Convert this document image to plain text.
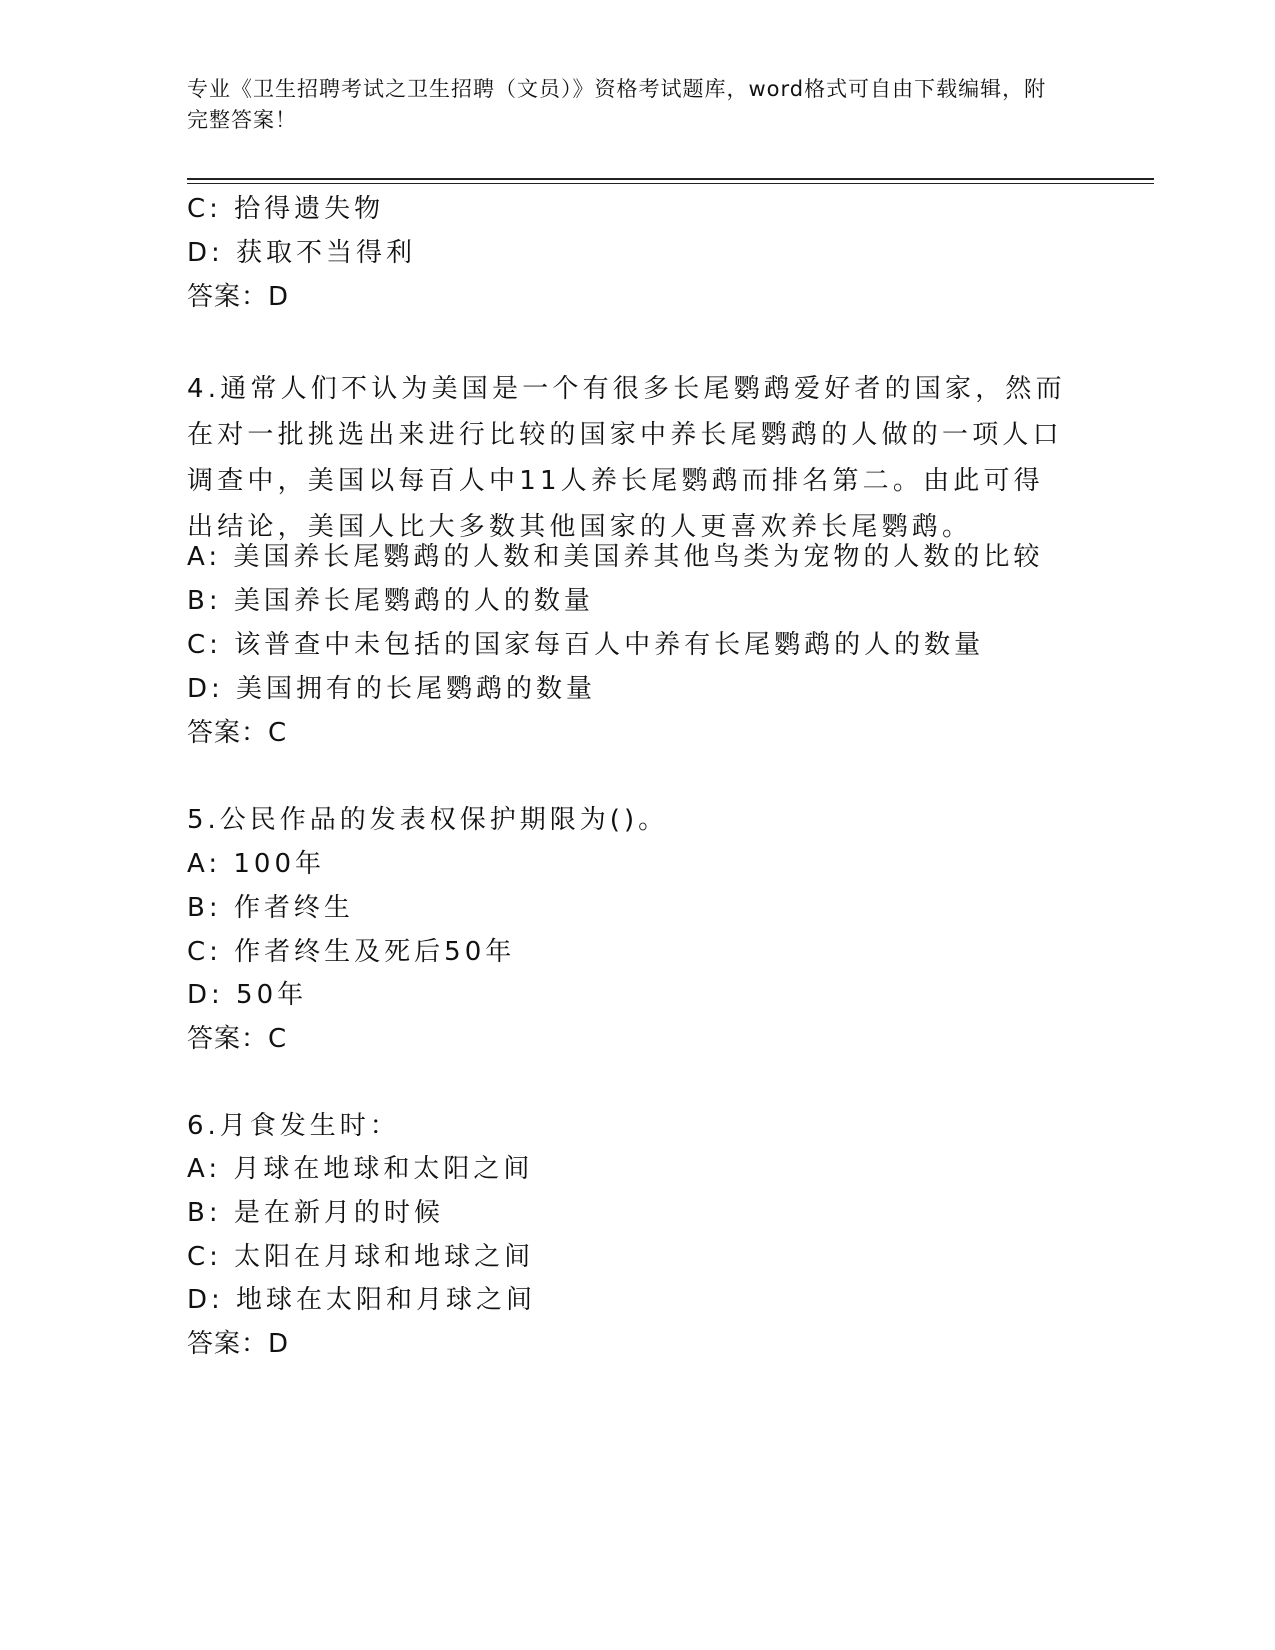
专业《卫生招聘考试之卫生招聘（文员）》资格考试题库，word格式可自由下载编辑，附完整答案！
C: 拾得遗失物
D: 获取不当得利
答案：D
4.通常人们不认为美国是一个有很多长尾鹦鹉爱好者的国家，然而在对一批挑选出来进行比较的国家中养长尾鹦鹉的人做的一项人口调查中，美国以每百人中11人养长尾鹦鹉而排名第二。由此可得出结论，美国人比大多数其他国家的人更喜欢养长尾鹦鹉。
A: 美国养长尾鹦鹉的人数和美国养其他鸟类为宠物的人数的比较
B: 美国养长尾鹦鹉的人的数量
C: 该普查中未包括的国家每百人中养有长尾鹦鹉的人的数量
D: 美国拥有的长尾鹦鹉的数量
答案：C
5.公民作品的发表权保护期限为()。
A: 100年
B: 作者终生
C: 作者终生及死后50年
D: 50年
答案：C
6.月食发生时：
A: 月球在地球和太阳之间
B: 是在新月的时候
C: 太阳在月球和地球之间
D: 地球在太阳和月球之间
答案：D
